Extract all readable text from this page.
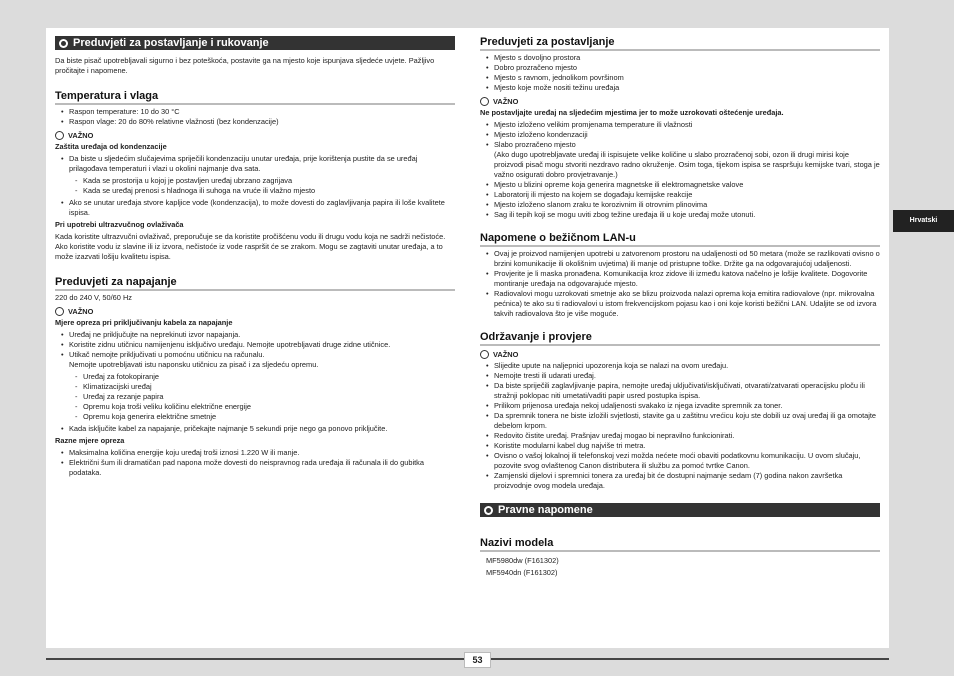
Preduvjeti za postavljanje i rukovanje

Da biste pisač upotrebljavali sigurno i bez poteškoća, postavite ga na mjesto koje ispunjava sljedeće uvjete. Pažljivo pročitajte i napomene.

Temperatura i vlaga
• Raspon temperature: 10 do 30 °C
• Raspon vlage: 20 do 80% relativne vlažnosti (bez kondenzacije)
VAŽNO

Zaštita uređaja od kondenzacije

• Da biste u sljedećim slučajevima spriječili kondenzaciju unutar uređaja, prije korištenja pustite da se uređaj prilagođava temperaturi i vlazi u okolini najmanje dva sata.
- Kada se prostorija u kojoj je postavljen uređaj ubrzano zagrijava
- Kada se uređaj prenosi s hladnoga ili suhoga na vruće ili vlažno mjesto
• Ako se unutar uređaja stvore kapljice vode (kondenzacija), to može dovesti do zaglavljivanja papira ili loše kvalitete ispisa.

Pri upotrebi ultrazvučnog ovlaživača

Kada koristite ultrazvučni ovlaživač, preporučuje se da koristite pročišćenu vodu ili drugu vodu koja ne sadrži nečistoće.

Ako koristite vodu iz slavine ili iz izvora, nečistoće iz vode raspršit će se zrakom. Mogu se zagtaviti unutar uređaja, a to može izazvati lošiju kvalitetu ispisa.

Preduvjeti za napajanje

220 do 240 V, 50/60 Hz

VAŽNO

Mjere opreza pri priključivanju kabela za napajanje

• Uređaj ne priključujte na neprekinuti izvor napajanja.
• Koristite zidnu utičnicu namijenjenu isključivo uređaju. Nemojte upotrebljavati druge zidne utičnice.
• Utikač nemojte priključivati u pomoćnu utičnicu na računalu.
Nemojte upotrebljavati istu naponsku utičnicu za pisač i za sljedeću opremu.
- Uređaj za fotokopiranje
- Klimatizacijski uređaj
- Uređaj za rezanje papira
- Opremu koja troši veliku količinu električne energije
- Opremu koja generira električne smetnje
• Kada isključite kabel za napajanje, pričekajte najmanje 5 sekundi prije nego ga ponovo priključite.

Razne mjere opreza

• Maksimalna količina energije koju uređaj troši iznosi 1.220 W ili manje.
• Električni šum ili dramatičan pad napona može dovesti do neispravnog rada uređaja ili računala ili do gubitka podataka.
Preduvjeti za postavljanje
• Mjesto s dovoljno prostora
• Dobro prozračeno mjesto
• Mjesto s ravnom, jednolikom površinom
• Mjesto koje može nositi težinu uređaja
VAŽNO

Ne postavljajte uređaj na sljedećim mjestima jer to može uzrokovati oštećenje uređaja.

• Mjesto izloženo velikim promjenama temperature ili vlažnosti
• Mjesto izloženo kondenzaciji
• Slabo prozračeno mjesto
(Ako dugo upotrebljavate uređaj ili ispisujete velike količine u slabo prozračenoj sobi, ozon ili drugi mirisi koje proizvodi pisač mogu stvoriti nezdravo radno okruženje. Osim toga, tijekom ispisa se raspršuju kemijske tvari, stoga je važno osigurati dobro provjetravanje.)
• Mjesto u blizini opreme koja generira magnetske ili elektromagnetske valove
• Laboratorij ili mjesto na kojem se događaju kemijske reakcije
• Mjesto izloženo slanom zraku te korozivnim ili otrovnim plinovima
• Sag ili tepih koji se mogu uviti zbog težine uređaja ili u koje uređaj može utonuti.
Napomene o bežičnom LAN-u
• Ovaj je proizvod namijenjen upotrebi u zatvorenom prostoru na udaljenosti od 50 metara (može se razlikovati ovisno o brzini komunikacije ili okolišnim uvjetima) ili manje od pristupne točke. Držite ga na odgovarajućoj udaljenosti.
• Provjerite je li maska pronađena. Komunikacija kroz zidove ili između katova načelno je lošije kvalitete. Dogovorite montiranje uređaja na odgovarajuće mjesto.
• Radiovalovi mogu uzrokovati smetnje ako se blizu proizvoda nalazi oprema koja emitira radiovalove (npr. mikrovalna pećnica) te ako su ti radiovalovi u istom frekvencijskom pojasu kao i oni koje koristi bežični LAN. Udaljite se od izvora takvih radiovalova što je više moguće.
Održavanje i provjere
VAŽNO
• Slijedite upute na naljepnici upozorenja koja se nalazi na ovom uređaju.
• Nemojte tresti ili udarati uređaj.
• Da biste spriječili zaglavljivanje papira, nemojte uređaj uključivati/isključivati, otvarati/zatvarati operacijsku ploču ili stražnji poklopac niti umetati/vaditi papir usred postupka ispisa.
• Prilikom prijenosa uređaja nekoj udaljenosti svakako iz njega izvadite spremnik za toner.
• Da spremnik tonera ne biste izložili svjetlosti, stavite ga u zaštitnu vrećicu koju ste dobili uz ovaj uređaj ili ga omotajte debelom krpom.
• Redovito čistite uređaj. Prašnjav uređaj mogao bi nepravilno funkcionirati.
• Koristite modularni kabel dug najviše tri metra.
• Ovisno o vašoj lokalnoj ili telefonskoj vezi možda nećete moći obaviti podatkovnu komunikaciju. U ovom slučaju, pozovite svog ovlaštenog Canon distributera ili službu za pomoć tvrtke Canon.
• Zamjenski dijelovi i spremnici tonera za uređaj bit će dostupni najmanje sedam (7) godina nakon završetka proizvodnje ovog modela uređaja.
Pravne napomene
Nazivi modela

MF5980dw (F161302)

MF5940dn (F161302)

Hrvatski
53
